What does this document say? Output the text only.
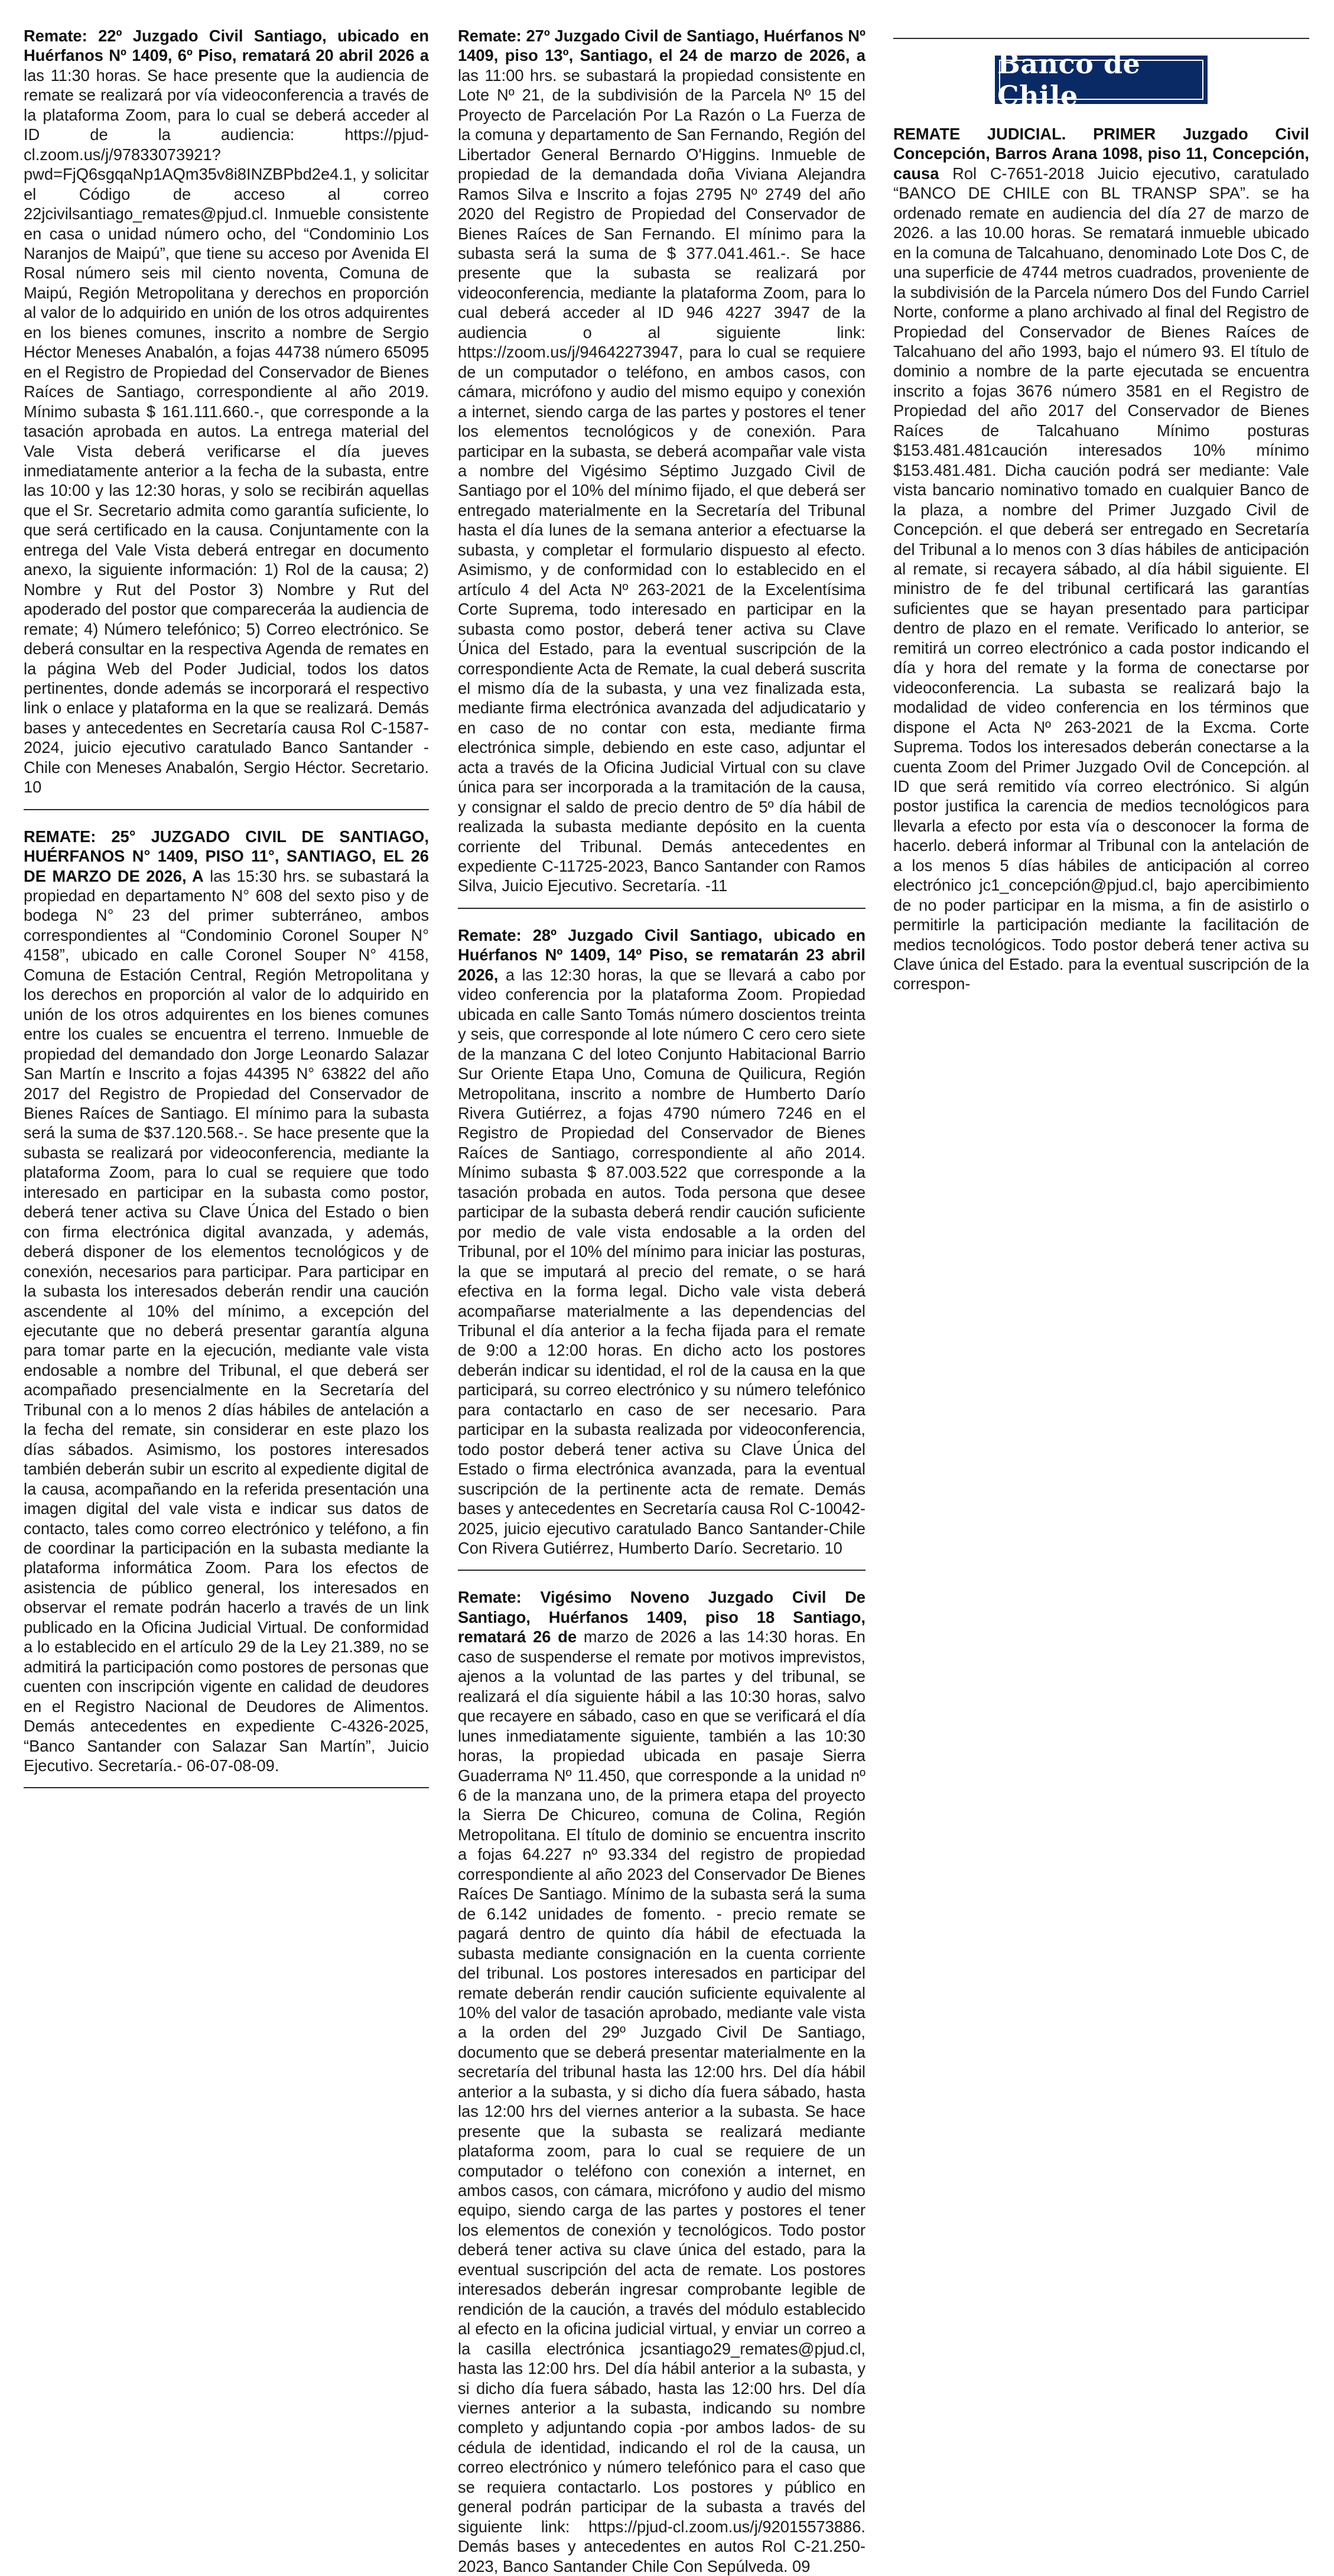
Remate: 22º Juzgado Civil Santiago, ubicado en Huérfanos Nº 1409, 6º Piso, rematará 20 abril 2026 a las 11:30 horas. Se hace presente que la audiencia de remate se realizará por vía videoconferencia a través de la plataforma Zoom, para lo cual se deberá acceder al ID de la audiencia: https://pjud-cl.zoom.us/j/97833073921?pwd=FjQ6sgqaNp1AQm35v8i8INZBPbd2e4.1, y solicitar el Código de acceso al correo 22jcivilsantiago_remates@pjud.cl. Inmueble consistente en casa o unidad número ocho, del “Condominio Los Naranjos de Maipú”, que tiene su acceso por Avenida El Rosal número seis mil ciento noventa, Comuna de Maipú, Región Metropolitana y derechos en proporción al valor de lo adquirido en unión de los otros adquirentes en los bienes comunes, inscrito a nombre de Sergio Héctor Meneses Anabalón, a fojas 44738 número 65095 en el Registro de Propiedad del Conservador de Bienes Raíces de Santiago, correspondiente al año 2019. Mínimo subasta $ 161.111.660.-, que corresponde a la tasación aprobada en autos. La entrega material del Vale Vista deberá verificarse el día jueves inmediatamente anterior a la fecha de la subasta, entre las 10:00 y las 12:30 horas, y solo se recibirán aquellas que el Sr. Secretario admita como garantía suficiente, lo que será certificado en la causa. Conjuntamente con la entrega del Vale Vista deberá entregar en documento anexo, la siguiente información: 1) Rol de la causa; 2) Nombre y Rut del Postor 3) Nombre y Rut del apoderado del postor que compareceráa la audiencia de remate; 4) Número telefónico; 5) Correo electrónico. Se deberá consultar en la respectiva Agenda de remates en la página Web del Poder Judicial, todos los datos pertinentes, donde además se incorporará el respectivo link o enlace y plataforma en la que se realizará. Demás bases y antecedentes en Secretaría causa Rol C-1587-2024, juicio ejecutivo caratulado Banco Santander - Chile con Meneses Anabalón, Sergio Héctor. Secretario. 10

REMATE: 25° JUZGADO CIVIL DE SANTIAGO, HUÉRFANOS N° 1409, PISO 11°, SANTIAGO, EL 26 DE MARZO DE 2026, A las 15:30 hrs. se subastará la propiedad en departamento N° 608 del sexto piso y de bodega N° 23 del primer subterráneo, ambos correspondientes al “Condominio Coronel Souper N° 4158”, ubicado en calle Coronel Souper N° 4158, Comuna de Estación Central, Región Metropolitana y los derechos en proporción al valor de lo adquirido en unión de los otros adquirentes en los bienes comunes entre los cuales se encuentra el terreno. Inmueble de propiedad del demandado don Jorge Leonardo Salazar San Martín e Inscrito a fojas 44395 N° 63822 del año 2017 del Registro de Propiedad del Conservador de Bienes Raíces de Santiago. El mínimo para la subasta será la suma de $37.120.568.-. Se hace presente que la subasta se realizará por videoconferencia, mediante la plataforma Zoom, para lo cual se requiere que todo interesado en participar en la subasta como postor, deberá tener activa su Clave Única del Estado o bien con firma electrónica digital avanzada, y además, deberá disponer de los elementos tecnológicos y de conexión, necesarios para participar. Para participar en la subasta los interesados deberán rendir una caución ascendente al 10% del mínimo, a excepción del ejecutante que no deberá presentar garantía alguna para tomar parte en la ejecución, mediante vale vista endosable a nombre del Tribunal, el que deberá ser acompañado presencialmente en la Secretaría del Tribunal con a lo menos 2 días hábiles de antelación a la fecha del remate, sin considerar en este plazo los días sábados. Asimismo, los postores interesados también deberán subir un escrito al expediente digital de la causa, acompañando en la referida presentación una imagen digital del vale vista e indicar sus datos de contacto, tales como correo electrónico y teléfono, a fin de coordinar la participación en la subasta mediante la plataforma informática Zoom. Para los efectos de asistencia de público general, los interesados en observar el remate podrán hacerlo a través de un link publicado en la Oficina Judicial Virtual. De conformidad a lo establecido en el artículo 29 de la Ley 21.389, no se admitirá la participación como postores de personas que cuenten con inscripción vigente en calidad de deudores en el Registro Nacional de Deudores de Alimentos. Demás antecedentes en expediente C-4326-2025, “Banco Santander con Salazar San Martín”, Juicio Ejecutivo. Secretaría.- 06-07-08-09.

Remate: 27º Juzgado Civil de Santiago, Huérfanos Nº 1409, piso 13º, Santiago, el 24 de marzo de 2026, a las 11:00 hrs. se subastará la propiedad consistente en Lote Nº 21, de la subdivisión de la Parcela Nº 15 del Proyecto de Parcelación Por La Razón o La Fuerza de la comuna y departamento de San Fernando, Región del Libertador General Bernardo O'Higgins. Inmueble de propiedad de la demandada doña Viviana Alejandra Ramos Silva e Inscrito a fojas 2795 Nº 2749 del año 2020 del Registro de Propiedad del Conservador de Bienes Raíces de San Fernando. El mínimo para la subasta será la suma de $ 377.041.461.-. Se hace presente que la subasta se realizará por videoconferencia, mediante la plataforma Zoom, para lo cual deberá acceder al ID 946 4227 3947 de la audiencia o al siguiente link: https://zoom.us/j/94642273947, para lo cual se requiere de un computador o teléfono, en ambos casos, con cámara, micrófono y audio del mismo equipo y conexión a internet, siendo carga de las partes y postores el tener los elementos tecnológicos y de conexión. Para participar en la subasta, se deberá acompañar vale vista a nombre del Vigésimo Séptimo Juzgado Civil de Santiago por el 10% del mínimo fijado, el que deberá ser entregado materialmente en la Secretaría del Tribunal hasta el día lunes de la semana anterior a efectuarse la subasta, y completar el formulario dispuesto al efecto. Asimismo, y de conformidad con lo establecido en el artículo 4 del Acta Nº 263-2021 de la Excelentísima Corte Suprema, todo interesado en participar en la subasta como postor, deberá tener activa su Clave Única del Estado, para la eventual suscripción de la correspondiente Acta de Remate, la cual deberá suscrita el mismo día de la subasta, y una vez finalizada esta, mediante firma electrónica avanzada del adjudicatario y en caso de no contar con esta, mediante firma electrónica simple, debiendo en este caso, adjuntar el acta a través de la Oficina Judicial Virtual con su clave única para ser incorporada a la tramitación de la causa, y consignar el saldo de precio dentro de 5º día hábil de realizada la subasta mediante depósito en la cuenta corriente del Tribunal. Demás antecedentes en expediente C-11725-2023, Banco Santander con Ramos Silva, Juicio Ejecutivo. Secretaría. -11

Remate: 28º Juzgado Civil Santiago, ubicado en Huérfanos Nº 1409, 14º Piso, se rematarán 23 abril 2026, a las 12:30 horas, la que se llevará a cabo por video conferencia por la plataforma Zoom. Propiedad ubicada en calle Santo Tomás número doscientos treinta y seis, que corresponde al lote número C cero cero siete de la manzana C del loteo Conjunto Habitacional Barrio Sur Oriente Etapa Uno, Comuna de Quilicura, Región Metropolitana, inscrito a nombre de Humberto Darío Rivera Gutiérrez, a fojas 4790 número 7246 en el Registro de Propiedad del Conservador de Bienes Raíces de Santiago, correspondiente al año 2014. Mínimo subasta $ 87.003.522 que corresponde a la tasación probada en autos. Toda persona que desee participar de la subasta deberá rendir caución suficiente por medio de vale vista endosable a la orden del Tribunal, por el 10% del mínimo para iniciar las posturas, la que se imputará al precio del remate, o se hará efectiva en la forma legal. Dicho vale vista deberá acompañarse materialmente a las dependencias del Tribunal el día anterior a la fecha fijada para el remate de 9:00 a 12:00 horas. En dicho acto los postores deberán indicar su identidad, el rol de la causa en la que participará, su correo electrónico y su número telefónico para contactarlo en caso de ser necesario. Para participar en la subasta realizada por videoconferencia, todo postor deberá tener activa su Clave Única del Estado o firma electrónica avanzada, para la eventual suscripción de la pertinente acta de remate. Demás bases y antecedentes en Secretaría causa Rol C-10042-2025, juicio ejecutivo caratulado Banco Santander-Chile Con Rivera Gutiérrez, Humberto Darío. Secretario. 10

Remate: Vigésimo Noveno Juzgado Civil De Santiago, Huérfanos 1409, piso 18 Santiago, rematará 26 de marzo de 2026 a las 14:30 horas. En caso de suspenderse el remate por motivos imprevistos, ajenos a la voluntad de las partes y del tribunal, se realizará el día siguiente hábil a las 10:30 horas, salvo que recayere en sábado, caso en que se verificará el día lunes inmediatamente siguiente, también a las 10:30 horas, la propiedad ubicada en pasaje Sierra Guaderrama Nº 11.450, que corresponde a la unidad nº 6 de la manzana uno, de la primera etapa del proyecto la Sierra De Chicureo, comuna de Colina, Región Metropolitana. El título de dominio se encuentra inscrito a fojas 64.227 nº 93.334 del registro de propiedad correspondiente al año 2023 del Conservador De Bienes Raíces De Santiago. Mínimo de la subasta será la suma de 6.142 unidades de fomento. - precio remate se pagará dentro de quinto día hábil de efectuada la subasta mediante consignación en la cuenta corriente del tribunal. Los postores interesados en participar del remate deberán rendir caución suficiente equivalente al 10% del valor de tasación aprobado, mediante vale vista a la orden del 29º Juzgado Civil De Santiago, documento que se deberá presentar materialmente en la secretaría del tribunal hasta las 12:00 hrs. Del día hábil anterior a la subasta, y si dicho día fuera sábado, hasta las 12:00 hrs del viernes anterior a la subasta. Se hace presente que la subasta se realizará mediante plataforma zoom, para lo cual se requiere de un computador o teléfono con conexión a internet, en ambos casos, con cámara, micrófono y audio del mismo equipo, siendo carga de las partes y postores el tener los elementos de conexión y tecnológicos. Todo postor deberá tener activa su clave única del estado, para la eventual suscripción del acta de remate. Los postores interesados deberán ingresar comprobante legible de rendición de la caución, a través del módulo establecido al efecto en la oficina judicial virtual, y enviar un correo a la casilla electrónica jcsantiago29_remates@pjud.cl, hasta las 12:00 hrs. Del día hábil anterior a la subasta, y si dicho día fuera sábado, hasta las 12:00 hrs. Del día viernes anterior a la subasta, indicando su nombre completo y adjuntando copia -por ambos lados- de su cédula de identidad, indicando el rol de la causa, un correo electrónico y número telefónico para el caso que se requiera contactarlo. Los postores y público en general podrán participar de la subasta a través del siguiente link: https://pjud-cl.zoom.us/j/92015573886. Demás bases y antecedentes en autos Rol C-21.250-2023, Banco Santander Chile Con Sepúlveda. 09

Banco de Chile

REMATE JUDICIAL. PRIMER Juzgado Civil Concepción, Barros Arana 1098, piso 11, Concepción, causa Rol C-7651-2018 Juicio ejecutivo, caratulado “BANCO DE CHILE con BL TRANSP SPA”. se ha ordenado remate en audiencia del día 27 de marzo de 2026. a las 10.00 horas. Se rematará inmueble ubicado en la comuna de Talcahuano, denominado Lote Dos C, de una superficie de 4744 metros cuadrados, proveniente de la subdivisión de la Parcela número Dos del Fundo Carriel Norte, conforme a plano archivado al final del Registro de Propiedad del Conservador de Bienes Raíces de Talcahuano del año 1993, bajo el número 93. El título de dominio a nombre de la parte ejecutada se encuentra inscrito a fojas 3676 número 3581 en el Registro de Propiedad del año 2017 del Conservador de Bienes Raíces de Talcahuano Mínimo posturas $153.481.481caución interesados 10% mínimo $153.481.481. Dicha caución podrá ser mediante: Vale vista bancario nominativo tomado en cualquier Banco de la plaza, a nombre del Primer Juzgado Civil de Concepción. el que deberá ser entregado en Secretaría del Tribunal a lo menos con 3 días hábiles de anticipación al remate, si recayera sábado, al día hábil siguiente. El ministro de fe del tribunal certificará las garantías suficientes que se hayan presentado para participar dentro de plazo en el remate. Verificado lo anterior, se remitirá un correo electrónico a cada postor indicando el día y hora del remate y la forma de conectarse por videoconferencia. La subasta se realizará bajo la modalidad de video conferencia en los términos que dispone el Acta Nº 263-2021 de la Excma. Corte Suprema. Todos los interesados deberán conectarse a la cuenta Zoom del Primer Juzgado Ovil de Concepción. al ID que será remitido vía correo electrónico. Si algún postor justifica la carencia de medios tecnológicos para llevarla a efecto por esta vía o desconocer la forma de hacerlo. deberá informar al Tribunal con la antelación de a los menos 5 días hábiles de anticipación al correo electrónico jc1_concepción@pjud.cl, bajo apercibimiento de no poder participar en la misma, a fin de asistirlo o permitirle la participación mediante la facilitación de medios tecnológicos. Todo postor deberá tener activa su Clave única del Estado. para la eventual suscripción de la correspon-
